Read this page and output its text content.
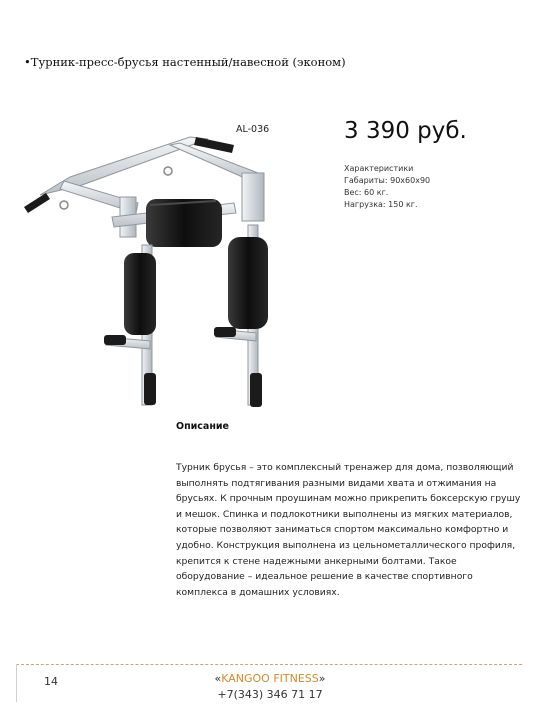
•Турник-пресс-брусья настенный/навесной (эконом)
AL-036	3 390 руб.
Характеристики
Габариты: 90x60x90
Вес: 60 кг.
Нагрузка: 150 кг.
Описание
Турник брусья – это комплексный тренажер для дома, позволяющий выполнять подтягивания разными видами хвата и отжимания на брусьях. К прочным проушинам можно прикрепить боксерскую грушу и мешок. Спинка и подлокотники выполнены из мягких материалов, которые позволяют заниматься спортом максимально комфортно и удобно. Конструкция выполнена из цельнометаллического профиля, крепится к стене надежными анкерными болтами. Такое оборудование – идеальное решение в качестве спортивного комплекса в домашних условиях.
14	«KANGOO FITNESS»
+7(343) 346 71 17
